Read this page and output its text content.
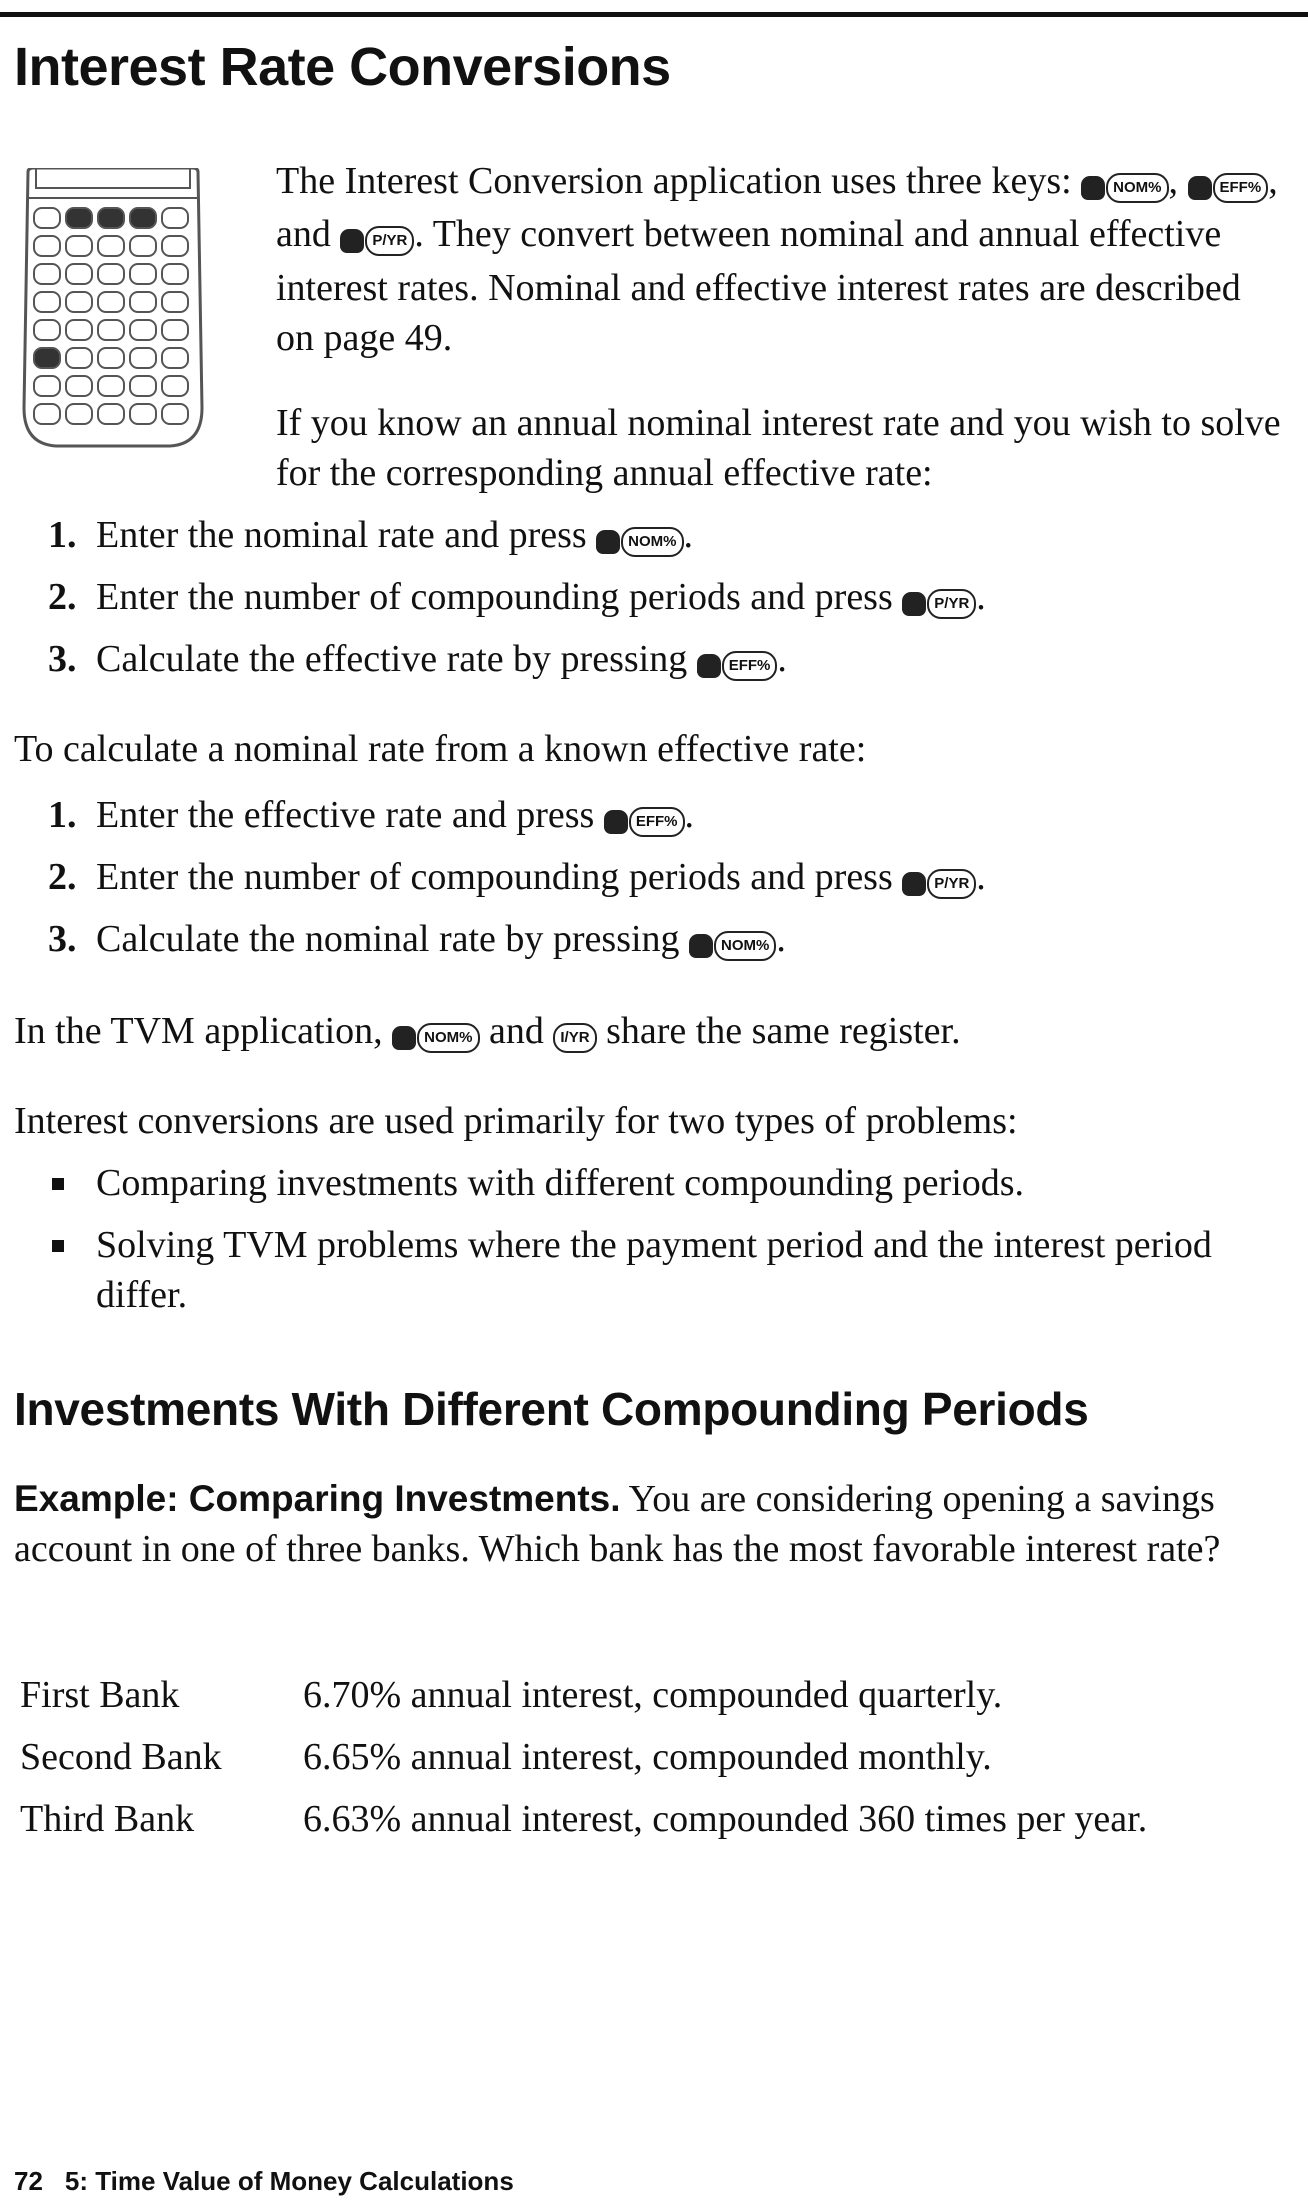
Interest Rate Conversions

The Interest Conversion application uses three keys:	NOM% ,	EFF% , and	P/YR . They convert between nominal and annual effective interest rates. Nominal and effective interest rates are described on page 49.

If you know an annual nominal interest rate and you wish to solve for the corresponding annual effective rate:

1. Enter the nominal rate and press	NOM% .
2. Enter the number of compounding periods and press	P/YR .
3. Calculate the effective rate by pressing	EFF% .

To calculate a nominal rate from a known effective rate:

1. Enter the effective rate and press	EFF% .
2. Enter the number of compounding periods and press	P/YR .
3. Calculate the nominal rate by pressing	NOM% .

In the TVM application,	NOM% and I/YR share the same register.

Interest conversions are used primarily for two types of problems:

Comparing investments with different compounding periods.
Solving TVM problems where the payment period and the interest period differ.
Investments With Different Compounding Periods

Example: Comparing Investments. You are considering opening a savings account in one of three banks. Which bank has the most favorable interest rate?

First Bank	6.70% annual interest, compounded quarterly.
Second Bank	6.65% annual interest, compounded monthly.
Third Bank	6.63% annual interest, compounded 360 times per year.

72 5: Time Value of Money Calculations
